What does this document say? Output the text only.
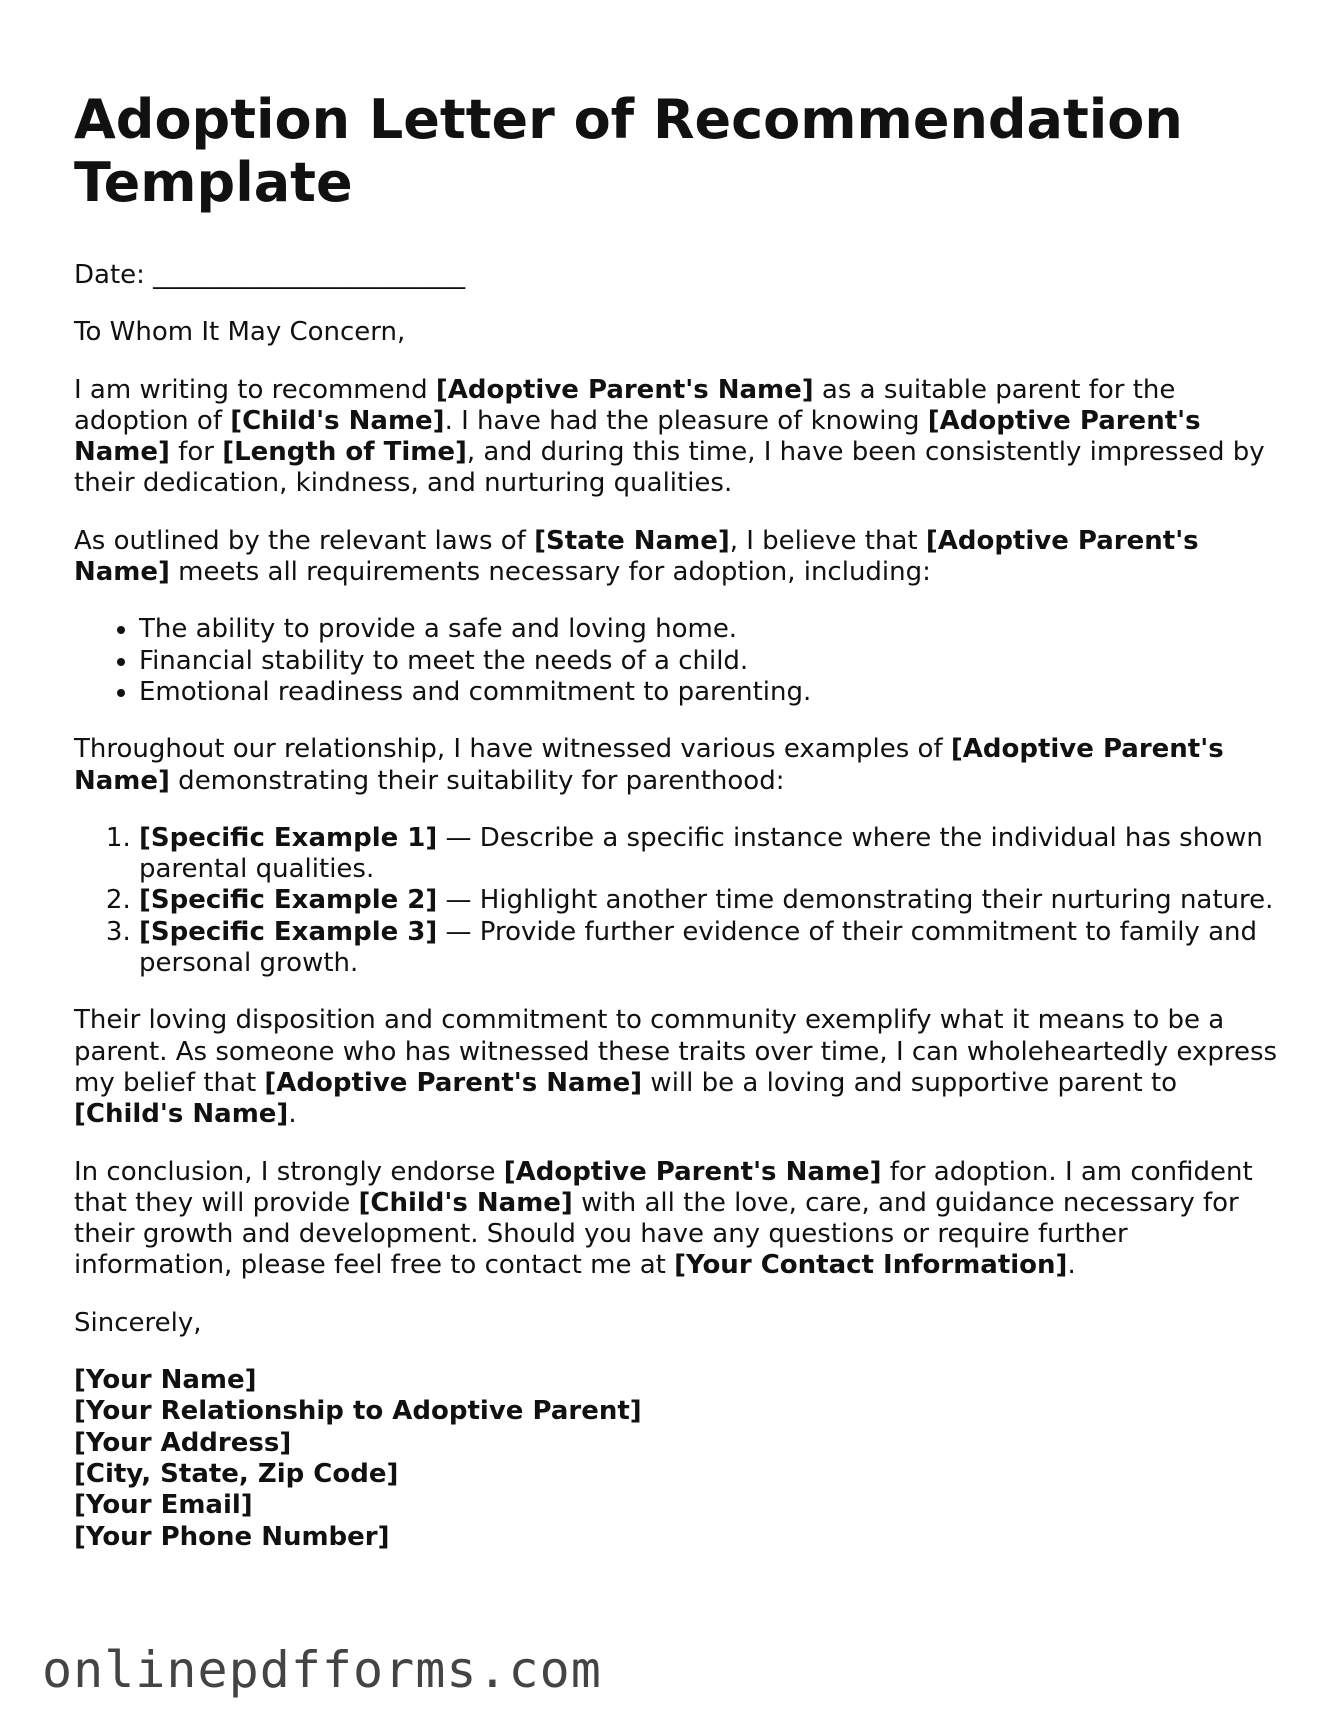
Adoption Letter of Recommendation Template

Date: ________________________

To Whom It May Concern,

I am writing to recommend [Adoptive Parent's Name] as a suitable parent for the adoption of [Child's Name]. I have had the pleasure of knowing [Adoptive Parent's Name] for [Length of Time], and during this time, I have been consistently impressed by their dedication, kindness, and nurturing qualities.

As outlined by the relevant laws of [State Name], I believe that [Adoptive Parent's Name] meets all requirements necessary for adoption, including:

• The ability to provide a safe and loving home.
• Financial stability to meet the needs of a child.
• Emotional readiness and commitment to parenting.

Throughout our relationship, I have witnessed various examples of [Adoptive Parent's Name] demonstrating their suitability for parenthood:

1. [Specific Example 1] — Describe a specific instance where the individual has shown parental qualities.
2. [Specific Example 2] — Highlight another time demonstrating their nurturing nature.
3. [Specific Example 3] — Provide further evidence of their commitment to family and personal growth.

Their loving disposition and commitment to community exemplify what it means to be a parent. As someone who has witnessed these traits over time, I can wholeheartedly express my belief that [Adoptive Parent's Name] will be a loving and supportive parent to [Child's Name].

In conclusion, I strongly endorse [Adoptive Parent's Name] for adoption. I am confident that they will provide [Child's Name] with all the love, care, and guidance necessary for their growth and development. Should you have any questions or require further information, please feel free to contact me at [Your Contact Information].

Sincerely,

[Your Name]

[Your Relationship to Adoptive Parent]

[Your Address]

[City, State, Zip Code]

[Your Email]

[Your Phone Number]

onlinepdfforms.com
